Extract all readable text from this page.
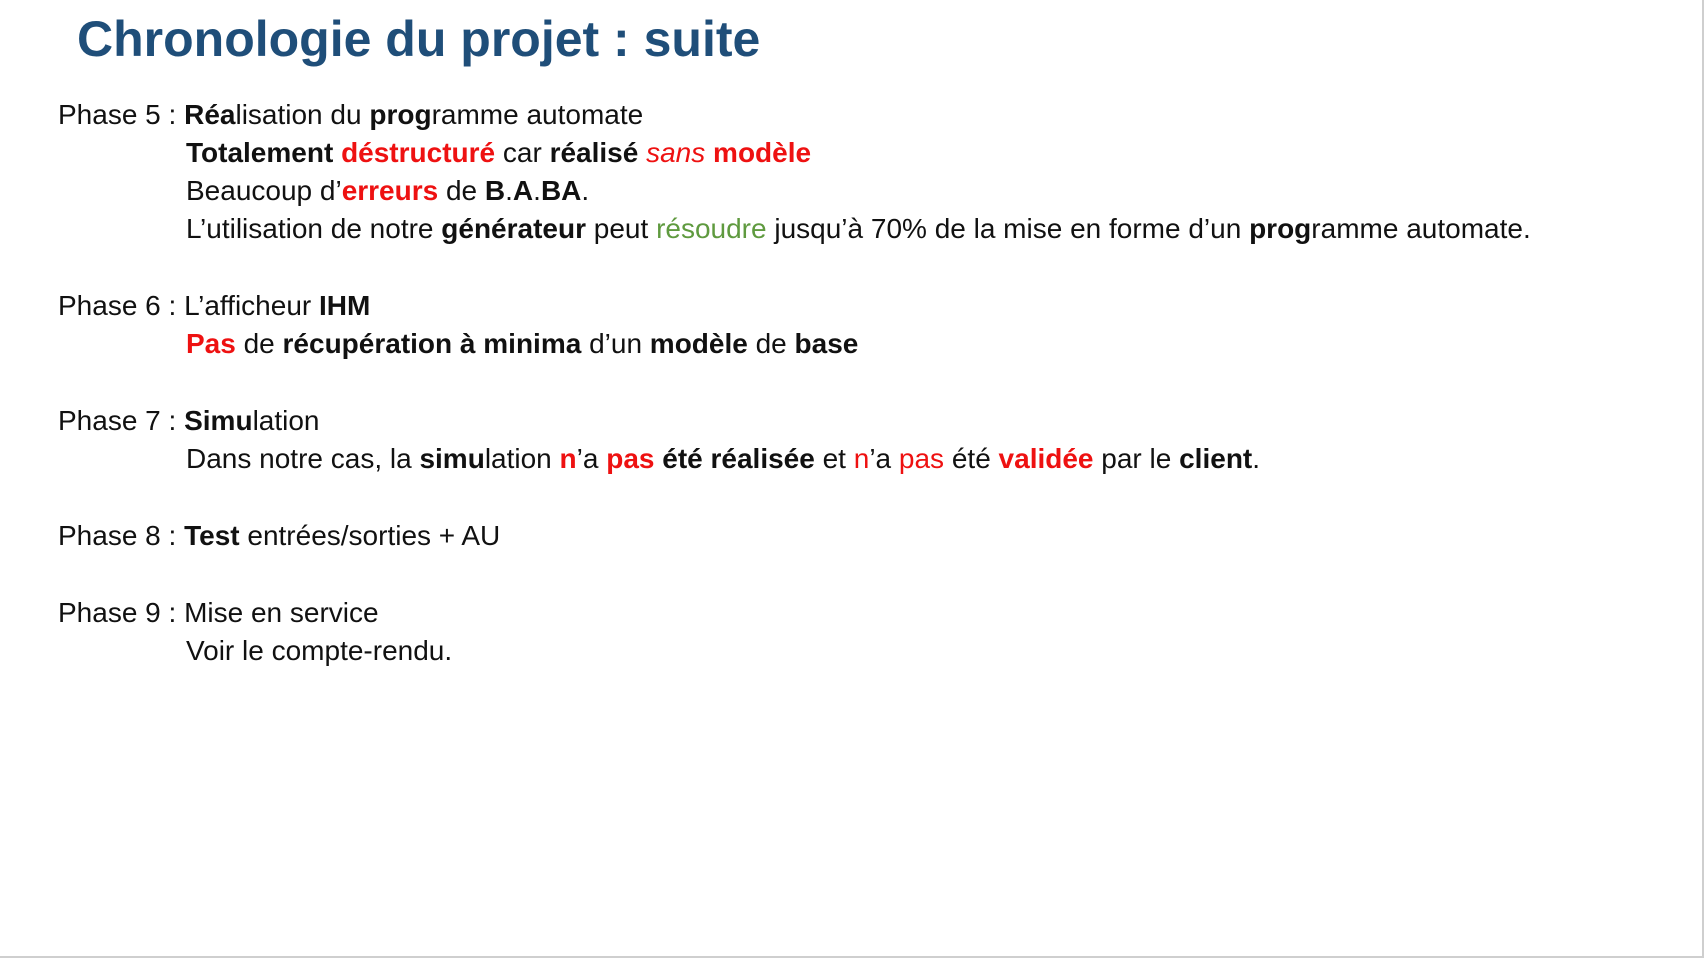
Chronologie du projet : suite

Phase 5 : Réalisation du programme automate

Totalement déstructuré car réalisé sans modèle

Beaucoup d’erreurs de B.A.BA.

L’utilisation de notre générateur peut résoudre jusqu’à 70% de la mise en forme d’un programme automate.

Phase 6 : L’afficheur IHM

Pas de récupération à minima d’un modèle de base

Phase 7 : Simulation

Dans notre cas, la simulation n’a pas été réalisée et n’a pas été validée par le client.

Phase 8 : Test entrées/sorties + AU

Phase 9 : Mise en service

Voir le compte-rendu.
